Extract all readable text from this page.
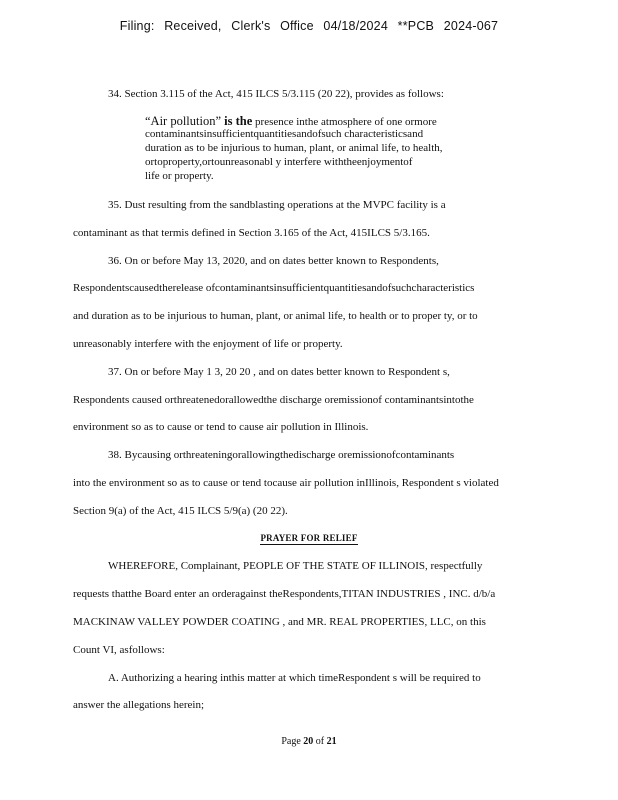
Filing: Received, Clerk's Office 04/18/2024 **PCB 2024-067
34. Section 3.115 of the Act, 415 ILCS 5/3.115 (20 22), provides as follows:
“Air pollution” is the presence inthe atmosphere of one ormore
contaminantsinsufficientquantitiesandofsuch characteristicsand
duration as to be injurious to human, plant, or animal life, to health,
ortoproperty,ortounreasonabl y interfere withtheenjoymentof
life or property.
35. Dust resulting from the sandblasting operations at the MVPC facility is a
contaminant as that termis defined in Section 3.165 of the Act, 415ILCS 5/3.165.
36. On or before May 13, 2020, and on dates better known to Respondents,
Respondentscausedtherelease ofcontaminantsinsufficientquantitiesandofsuchcharacteristics
and duration as to be injurious to human, plant, or animal life, to health or to proper ty, or to
unreasonably interfere with the enjoyment of life or property.
37. On or before May 1 3, 20 20 , and on dates better known to Respondent s,
Respondents caused orthreatenedorallowedthe discharge oremissionof contaminantsintothe
environment so as to cause or tend to cause air pollution in Illinois.
38. Bycausing orthreateningorallowingthedischarge oremissionofcontaminants
into the environment so as to cause or tend tocause air pollution inIllinois, Respondent s violated
Section 9(a) of the Act, 415 ILCS 5/9(a) (20 22).
PRAYER FOR RELIEF
WHEREFORE, Complainant, PEOPLE OF THE STATE OF ILLINOIS, respectfully
requests thatthe Board enter an orderagainst theRespondents,TITAN INDUSTRIES , INC. d/b/a
MACKINAW VALLEY POWDER COATING , and MR. REAL PROPERTIES, LLC, on this
Count VI, asfollows:
A. Authorizing a hearing inthis matter at which timeRespondent s will be required to
answer the allegations herein;
Page 20 of 21
